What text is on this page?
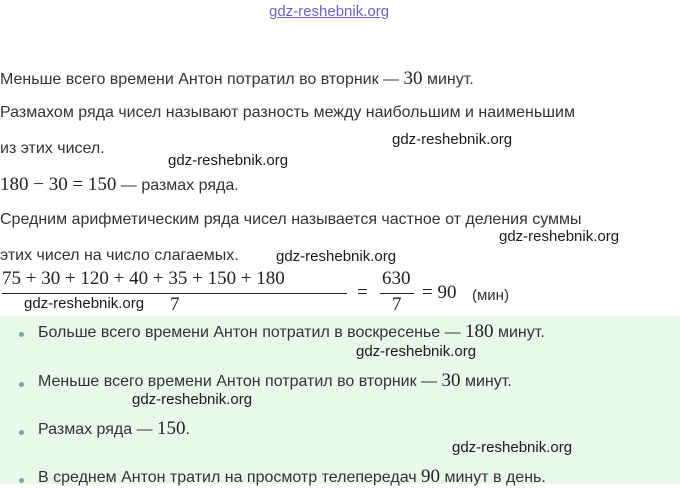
gdz-reshebnik.org
Меньше всего времени Антон потратил во вторник — 30 минут.
Размахом ряда чисел называют разность между наибольшим и наименьшим
из этих чисел.
gdz-reshebnik.org
gdz-reshebnik.org
180 − 30 = 150 — размах ряда.
Средним арифметическим ряда чисел называется частное от деления суммы
этих чисел на число слагаемых. gdz-reshebnik.org
gdz-reshebnik.org
75 + 30 + 120 + 40 + 35 + 150 + 180
7
gdz-reshebnik.org
=
630
7
= 90 (мин)
Больше всего времени Антон потратил в воскресенье — 180 минут.
gdz-reshebnik.org
Меньше всего времени Антон потратил во вторник — 30 минут.
gdz-reshebnik.org
Размах ряда — 150.
gdz-reshebnik.org
В среднем Антон тратил на просмотр телепередач 90 минут в день.
